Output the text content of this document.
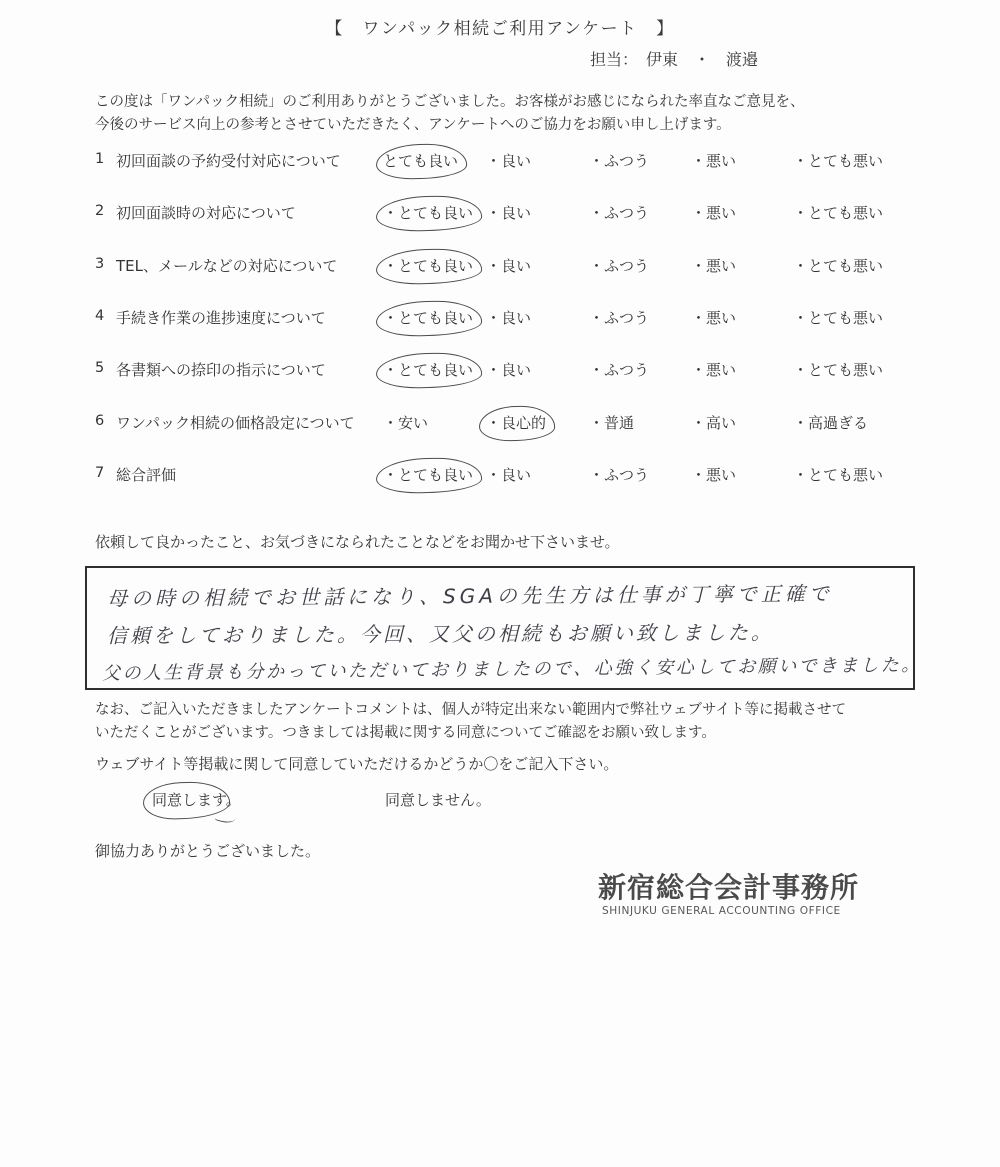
【　ワンパック相続ご利用アンケート　】
担当：　伊東　・　渡邉
この度は「ワンパック相続」のご利用ありがとうございました。お客様がお感じになられた率直なご意見を、
今後のサービス向上の参考とさせていただきたく、アンケートへのご協力をお願い申し上げます。
1 初回面談の予約受付対応について	とても良い ・良い	・ふつう	・悪い	・とても悪い
2 初回面談時の対応について	・とても良い ・良い	・ふつう	・悪い	・とても悪い
3 TEL、メールなどの対応について	・とても良い ・良い	・ふつう	・悪い	・とても悪い
4 手続き作業の進捗速度について	・とても良い ・良い	・ふつう	・悪い	・とても悪い
5 各書類への捺印の指示について	・とても良い ・良い	・ふつう	・悪い	・とても悪い
6 ワンパック相続の価格設定について ・安い	・良心的	・普通	・高い	・高過ぎる
7 総合評価	・とても良い ・良い	・ふつう	・悪い	・とても悪い
依頼して良かったこと、お気づきになられたことなどをお聞かせ下さいませ。
母の時の相続でお世話になり、SGAの先生方は仕事が丁寧で正確で
信頼をしておりました。今回、又父の相続もお願い致しました。
父の人生背景も分かっていただいておりましたので、心強く安心してお願いできました。
なお、ご記入いただきましたアンケートコメントは、個人が特定出来ない範囲内で弊社ウェブサイト等に掲載させて
いただくことがございます。つきましては掲載に関する同意についてご確認をお願い致します。
ウェブサイト等掲載に関して同意していただけるかどうか〇をご記入下さい。
同意します。	同意しません。
御協力ありがとうございました。
新宿総合会計事務所
SHINJUKU GENERAL ACCOUNTING OFFICE
